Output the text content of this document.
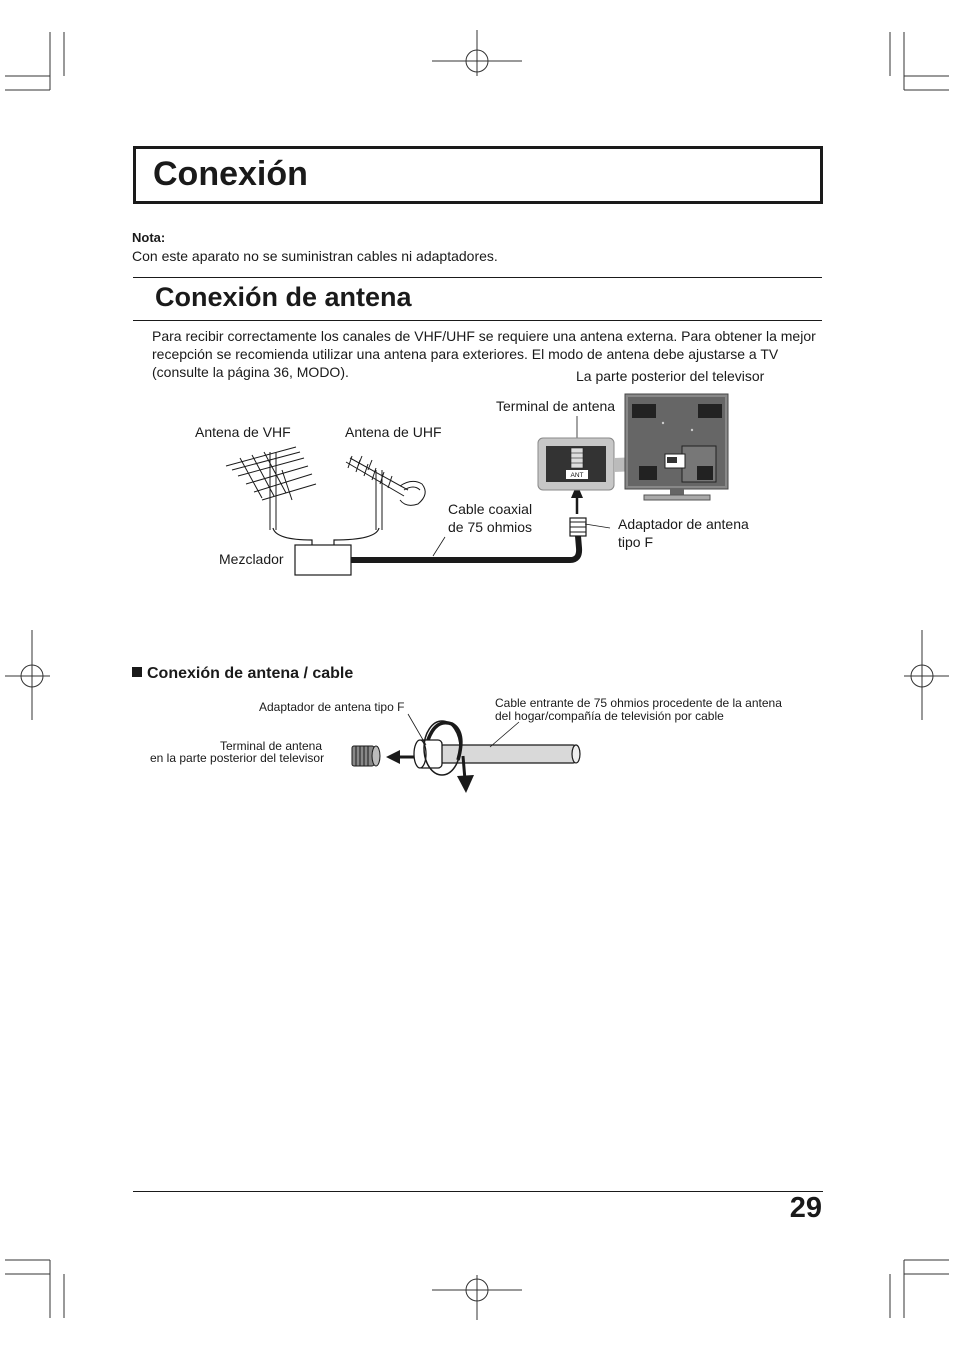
Conexión
Nota:
Con este aparato no se suministran cables ni adaptadores.
Conexión de antena
Para recibir correctamente los canales de VHF/UHF se requiere una antena externa. Para obtener la mejor recepción se recomienda utilizar una antena para exteriores. El modo de antena debe ajustarse a TV (consulte la página 36, MODO).
ANT
La parte posterior del televisor
Terminal de antena
Antena de VHF	Antena de UHF
Cable coaxial
de 75 ohmios	Adaptador de antena
tipo F
Mezclador
Conexión de antena / cable
Adaptador de antena tipo F	Cable entrante de 75 ohmios procedente de la antena
del hogar/compañía de televisión por cable
Terminal de antena
en la parte posterior del televisor
29
